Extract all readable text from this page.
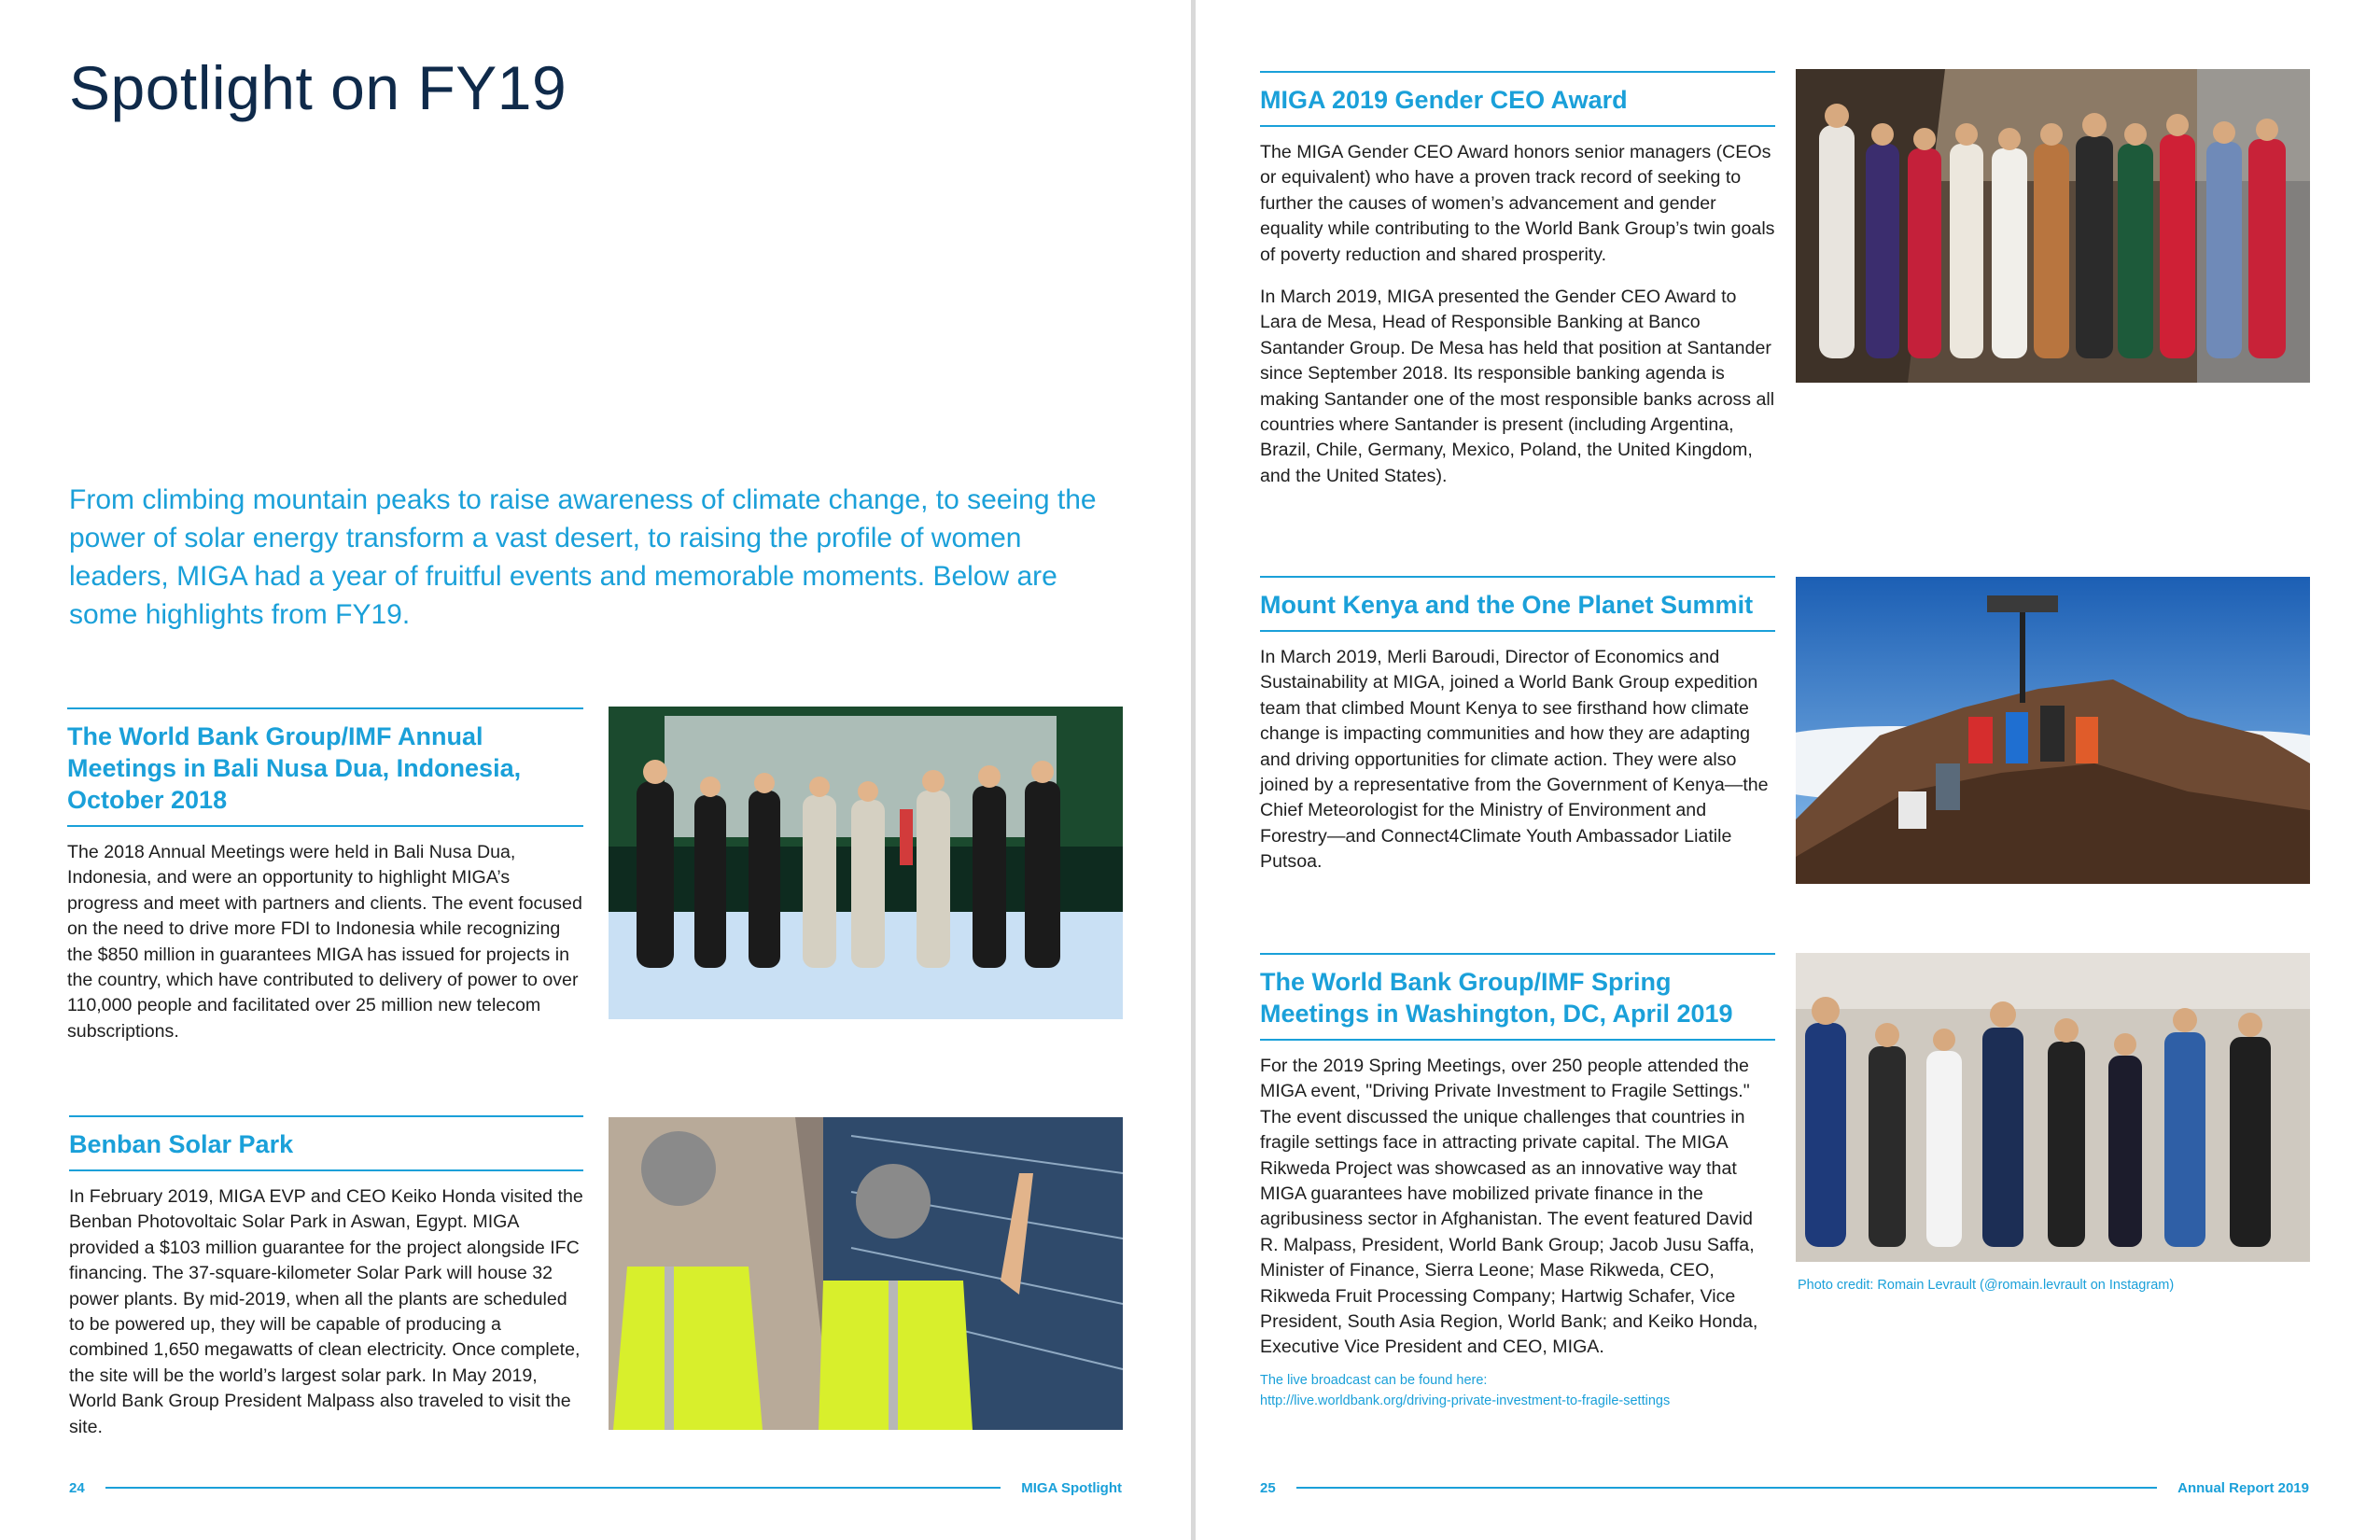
Spotlight on FY19

From climbing mountain peaks to raise awareness of climate change, to seeing the power of solar energy transform a vast desert, to raising the profile of women leaders, MIGA had a year of fruitful events and memorable moments. Below are some highlights from FY19.

The World Bank Group/IMF Annual Meetings in Bali Nusa Dua, Indonesia, October 2018

The 2018 Annual Meetings were held in Bali Nusa Dua, Indonesia, and were an opportunity to highlight MIGA’s progress and meet with partners and clients. The event focused on the need to drive more FDI to Indonesia while recognizing the $850 million in guarantees MIGA has issued for projects in the country, which have contributed to delivery of power to over 110,000 people and facilitated over 25 million new telecom subscriptions.

Benban Solar Park

In February 2019, MIGA EVP and CEO Keiko Honda visited the Benban Photovoltaic Solar Park in Aswan, Egypt. MIGA provided a $103 million guarantee for the project alongside IFC financing. The 37-square-kilometer Solar Park will house 32 power plants. By mid-2019, when all the plants are scheduled to be powered up, they will be capable of producing a combined 1,650 megawatts of clean electricity. Once complete, the site will be the world’s largest solar park. In May 2019, World Bank Group President Malpass also traveled to visit the site.

24	MIGA Spotlight
MIGA 2019 Gender CEO Award

The MIGA Gender CEO Award honors senior managers (CEOs or equivalent) who have a proven track record of seeking to further the causes of women’s advancement and gender equality while contributing to the World Bank Group’s twin goals of poverty reduction and shared prosperity.

In March 2019, MIGA presented the Gender CEO Award to Lara de Mesa, Head of Responsible Banking at Banco Santander Group. De Mesa has held that position at Santander since September 2018. Its responsible banking agenda is making Santander one of the most responsible banks across all countries where Santander is present (including Argentina, Brazil, Chile, Germany, Mexico, Poland, the United Kingdom, and the United States).

Mount Kenya and the One Planet Summit

In March 2019, Merli Baroudi, Director of Economics and Sustainability at MIGA, joined a World Bank Group expedition team that climbed Mount Kenya to see firsthand how climate change is impacting communities and how they are adapting and driving opportunities for climate action. They were also joined by a representative from the Government of Kenya—the Chief Meteorologist for the Ministry of Environment and Forestry—and Connect4Climate Youth Ambassador Liatile Putsoa.

The World Bank Group/IMF Spring Meetings in Washington, DC, April 2019

For the 2019 Spring Meetings, over 250 people attended the MIGA event, "Driving Private Investment to Fragile Settings." The event discussed the unique challenges that countries in fragile settings face in attracting private capital. The MIGA Rikweda Project was showcased as an innovative way that MIGA guarantees have mobilized private finance in the agribusiness sector in Afghanistan. The event featured David R. Malpass, President, World Bank Group; Jacob Jusu Saffa, Minister of Finance, Sierra Leone; Mase Rikweda, CEO, Rikweda Fruit Processing Company; Hartwig Schafer, Vice President, South Asia Region, World Bank; and Keiko Honda, Executive Vice President and CEO, MIGA.

The live broadcast can be found here:

http://live.worldbank.org/driving-private-investment-to-fragile-settings

Photo credit: Romain Levrault (@romain.levrault on Instagram)

25	Annual Report 2019
